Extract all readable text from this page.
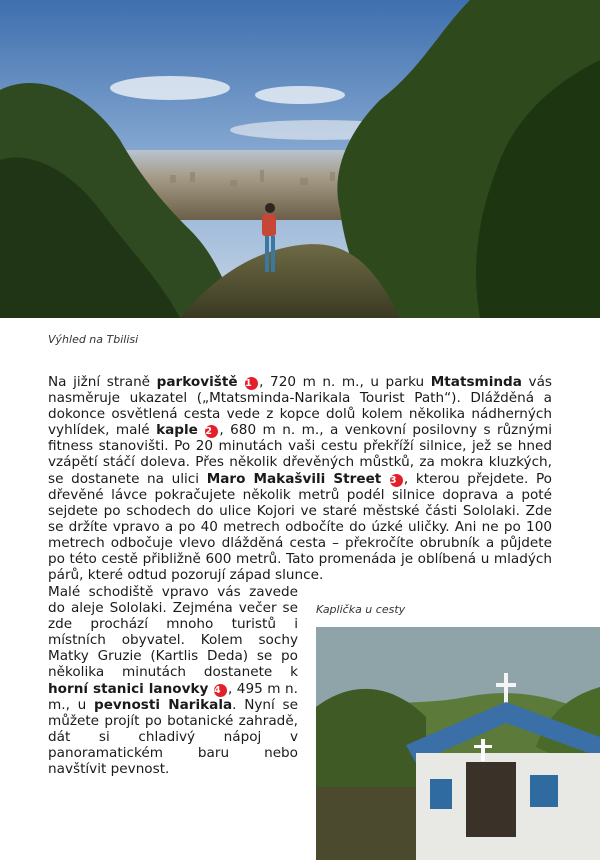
Výhled na Tbilisi

Na jižní straně parkoviště 1 , 720 m n. m., u parku Mtatsminda vás nasměruje ukazatel („Mtatsminda-Narikala Tourist Path“). Dlážděná a dokonce osvětlená cesta vede z kopce dolů kolem několika nádherných vyhlídek, malé kaple 2 , 680 m n. m., a venkovní posilovny s různými fitness stanovišti. Po 20 minutách vaši cestu překříží silnice, jež se hned vzápětí stáčí doleva. Přes několik dřevěných můstků, za mokra kluzkých, se dostanete na ulici Maro Makašvili Street 3 , kterou přejdete. Po dřevěné lávce pokračujete několik metrů podél silnice doprava a poté sejdete po schodech do ulice Kojori ve staré městské části Sololaki. Zde se držíte vpravo a po 40 metrech odbočíte do úzké uličky. Ani ne po 100 metrech odbočuje vlevo dlážděná cesta – překročíte obrubník a půjdete po této cestě přibližně 600 metrů. Tato promenáda je oblíbená u mladých párů, které odtud pozorují západ slunce.

Malé schodiště vpravo vás zavede do aleje Sololaki. Zejména večer se zde prochází mnoho turistů i místních obyvatel. Kolem sochy Matky Gruzie (Kartlis Deda) se po několika minutách dostanete k horní stanici lanovky 4 , 495 m n. m., u pevnosti Narikala. Nyní se můžete projít po botanické zahradě, dát si chladivý nápoj v panoramatickém baru nebo navštívit pevnost.

Kaplička u cesty
